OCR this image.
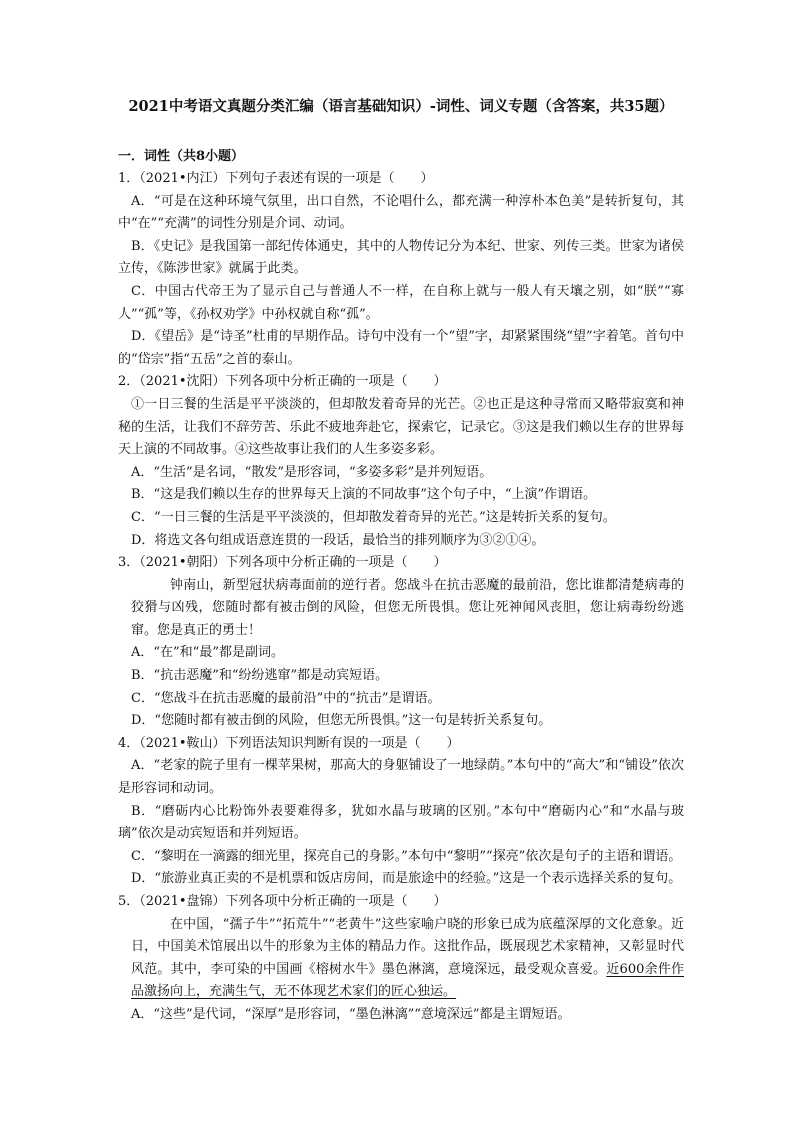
2021中考语文真题分类汇编（语言基础知识）-词性、词义专题（含答案，共35题）
一．词性（共8小题）
1．（2021•内江）下列句子表述有误的一项是（　　）
A．“可是在这种环境气氛里，出口自然，不论唱什么，都充满一种淳朴本色美”是转折复句，其中“在”“充满”的词性分别是介词、动词。
B．《史记》是我国第一部纪传体通史，其中的人物传记分为本纪、世家、列传三类。世家为诸侯立传，《陈涉世家》就属于此类。
C．中国古代帝王为了显示自己与普通人不一样，在自称上就与一般人有天壤之别，如“朕”“寡人”“孤”等，《孙权劝学》中孙权就自称“孤”。
D．《望岳》是“诗圣”杜甫的早期作品。诗句中没有一个“望”字，却紧紧围绕“望”字着笔。首句中的“岱宗”指“五岳”之首的泰山。
2．（2021•沈阳）下列各项中分析正确的一项是（　　）
①一日三餐的生活是平平淡淡的，但却散发着奇异的光芒。②也正是这种寻常而又略带寂寞和神秘的生活，让我们不辞劳苦、乐此不疲地奔赴它，探索它，记录它。③这是我们赖以生存的世界每天上演的不同故事。④这些故事让我们的人生多姿多彩。
A．“生活”是名词，“散发”是形容词，“多姿多彩”是并列短语。
B．“这是我们赖以生存的世界每天上演的不同故事”这个句子中，“上演”作谓语。
C．“一日三餐的生活是平平淡淡的，但却散发着奇异的光芒。”这是转折关系的复句。
D．将选文各句组成语意连贯的一段话，最恰当的排列顺序为③②①④。
3．（2021•朝阳）下列各项中分析正确的一项是（　　）
钟南山，新型冠状病毒面前的逆行者。您战斗在抗击恶魔的最前沿，您比谁都清楚病毒的狡猾与凶残，您随时都有被击倒的风险，但您无所畏惧。您让死神闻风丧胆，您让病毒纷纷逃窜。您是真正的勇士！
A．“在”和“最”都是副词。
B．“抗击恶魔”和“纷纷逃窜”都是动宾短语。
C．“您战斗在抗击恶魔的最前沿”中的“抗击”是谓语。
D．“您随时都有被击倒的风险，但您无所畏惧。”这一句是转折关系复句。
4．（2021•鞍山）下列语法知识判断有误的一项是（　　）
A．“老家的院子里有一棵苹果树，那高大的身躯铺设了一地绿荫。”本句中的“高大”和“铺设”依次是形容词和动词。
B．“磨砺内心比粉饰外表要难得多，犹如水晶与玻璃的区别。”本句中“磨砺内心”和“水晶与玻璃”依次是动宾短语和并列短语。
C．“黎明在一滴露的细光里，探亮自己的身影。”本句中“黎明”“探亮”依次是句子的主语和谓语。
D．“旅游业真正卖的不是机票和饭店房间，而是旅途中的经验。”这是一个表示选择关系的复句。
5．（2021•盘锦）下列各项中分析正确的一项是（　　）
在中国，“孺子牛”“拓荒牛”“老黄牛”这些家喻户晓的形象已成为底蕴深厚的文化意象。近日，中国美术馆展出以牛的形象为主体的精品力作。这批作品，既展现艺术家精神，又彰显时代风范。其中，李可染的中国画《榕树水牛》墨色淋漓，意境深远，最受观众喜爱。近600余件作品激扬向上，充满生气，无不体现艺术家们的匠心独运。
A．“这些”是代词，“深厚”是形容词，“墨色淋漓”“意境深远”都是主谓短语。
